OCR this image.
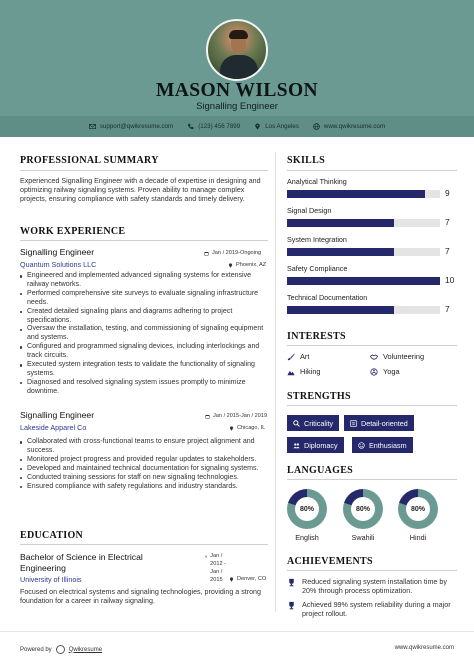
MASON WILSON
Signalling Engineer
support@qwikresume.com	(123) 456 7899	Los Angeles	www.qwikresume.com
PROFESSIONAL SUMMARY
Experienced Signalling Engineer with a decade of expertise in designing and optimizing railway signaling systems. Proven ability to manage complex projects, ensuring compliance with safety standards and timely delivery.
WORK EXPERIENCE
Signalling Engineer
Quantum Solutions LLC
Jan / 2019-Ongoing
Phoenix, AZ
Engineered and implemented advanced signaling systems for extensive railway networks.
Performed comprehensive site surveys to evaluate signaling infrastructure needs.
Created detailed signaling plans and diagrams adhering to project specifications.
Oversaw the installation, testing, and commissioning of signaling equipment and systems.
Configured and programmed signaling devices, including interlockings and track circuits.
Executed system integration tests to validate the functionality of signaling systems.
Diagnosed and resolved signaling system issues promptly to minimize downtime.
Signalling Engineer
Lakeside Apparel Co
Jan / 2015-Jan / 2019
Chicago, IL
Collaborated with cross-functional teams to ensure project alignment and success.
Monitored project progress and provided regular updates to stakeholders.
Developed and maintained technical documentation for signaling systems.
Conducted training sessions for staff on new signaling technologies.
Ensured compliance with safety regulations and industry standards.
EDUCATION
Bachelor of Science in Electrical Engineering
University of Illinois
Jan / 2012 - Jan / 2015	Denver, CO
Focused on electrical systems and signaling technologies, providing a strong foundation for a career in railway signaling.
SKILLS
Analytical Thinking
9
Signal Design
7
System Integration
7
Safety Compliance
10
Technical Documentation
7
INTERESTS
Art	Volunteering
Hiking	Yoga
STRENGTHS
Criticality	Detail-oriented
Diplomacy	Enthusiasm
LANGUAGES
80%
English
80%
Swahili
80%
Hindi
ACHIEVEMENTS
Reduced signaling system installation time by 20% through process optimization.
Achieved 99% system reliability during a major project rollout.
Powered by	Qwikresume	www.qwikresume.com
